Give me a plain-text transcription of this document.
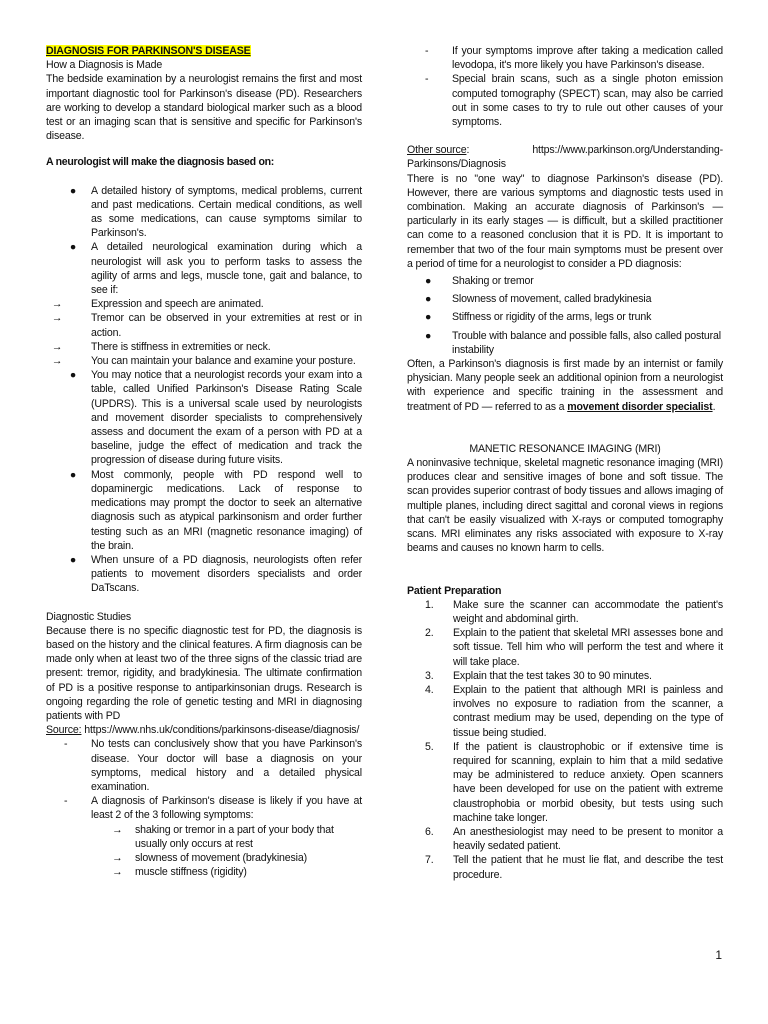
DIAGNOSIS FOR PARKINSON'S DISEASE

How a Diagnosis is Made

The bedside examination by a neurologist remains the first and most important diagnostic tool for Parkinson's disease (PD). Researchers are working to develop a standard biological marker such as a blood test or an imaging scan that is sensitive and specific for Parkinson's disease.

A neurologist will make the diagnosis based on:

●	A detailed history of symptoms, medical problems, current and past medications. Certain medical conditions, as well as some medications, can cause symptoms similar to Parkinson's.
●	A detailed neurological examination during which a neurologist will ask you to perform tasks to assess the agility of arms and legs, muscle tone, gait and balance, to see if:
→	Expression and speech are animated.
→	Tremor can be observed in your extremities at rest or in action.
→	There is stiffness in extremities or neck.
→	You can maintain your balance and examine your posture.
●	You may notice that a neurologist records your exam into a table, called Unified Parkinson's Disease Rating Scale (UPDRS). This is a universal scale used by neurologists and movement disorder specialists to comprehensively assess and document the exam of a person with PD at a baseline, judge the effect of medication and track the progression of disease during future visits.
●	Most commonly, people with PD respond well to dopaminergic medications. Lack of response to medications may prompt the doctor to seek an alternative diagnosis such as atypical parkinsonism and order further testing such as an MRI (magnetic resonance imaging) of the brain.
●	When unsure of a PD diagnosis, neurologists often refer patients to movement disorders specialists and order DaTscans.

Diagnostic Studies

Because there is no specific diagnostic test for PD, the diagnosis is based on the history and the clinical features. A firm diagnosis can be made only when at least two of the three signs of the classic triad are present: tremor, rigidity, and bradykinesia. The ultimate confirmation of PD is a positive response to antiparkinsonian drugs. Research is ongoing regarding the role of genetic testing and MRI in diagnosing patients with PD

Source: https://www.nhs.uk/conditions/parkinsons-disease/diagnosis/

- No tests can conclusively show that you have Parkinson's disease. Your doctor will base a diagnosis on your symptoms, medical history and a detailed physical examination.
- A diagnosis of Parkinson's disease is likely if you have at least 2 of the 3 following symptoms:
→ shaking or tremor in a part of your body that usually only occurs at rest
→ slowness of movement (bradykinesia)
→ muscle stiffness (rigidity)
- If your symptoms improve after taking a medication called levodopa, it's more likely you have Parkinson's disease.
- Special brain scans, such as a single photon emission computed tomography (SPECT) scan, may also be carried out in some cases to try to rule out other causes of your symptoms.

Other source:	https://www.parkinson.org/Understanding-

Parkinsons/Diagnosis

There is no "one way" to diagnose Parkinson's disease (PD). However, there are various symptoms and diagnostic tests used in combination. Making an accurate diagnosis of Parkinson's — particularly in its early stages — is difficult, but a skilled practitioner can come to a reasoned conclusion that it is PD. It is important to remember that two of the four main symptoms must be present over a period of time for a neurologist to consider a PD diagnosis:

● Shaking or tremor
● Slowness of movement, called bradykinesia
● Stiffness or rigidity of the arms, legs or trunk
● Trouble with balance and possible falls, also called postural instability

Often, a Parkinson's diagnosis is first made by an internist or family physician. Many people seek an additional opinion from a neurologist with experience and specific training in the assessment and treatment of PD — referred to as a movement disorder specialist.

MANETIC RESONANCE IMAGING (MRI)

A noninvasive technique, skeletal magnetic resonance imaging (MRI) produces clear and sensitive images of bone and soft tissue. The scan provides superior contrast of body tissues and allows imaging of multiple planes, including direct sagittal and coronal views in regions that can't be easily visualized with X-rays or computed tomography scans. MRI eliminates any risks associated with exposure to X-ray beams and causes no known harm to cells.

Patient Preparation

1. Make sure the scanner can accommodate the patient's weight and abdominal girth.
2. Explain to the patient that skeletal MRI assesses bone and soft tissue. Tell him who will perform the test and where it will take place.
3. Explain that the test takes 30 to 90 minutes.
4. Explain to the patient that although MRI is painless and involves no exposure to radiation from the scanner, a contrast medium may be used, depending on the type of tissue being studied.
5. If the patient is claustrophobic or if extensive time is required for scanning, explain to him that a mild sedative may be administered to reduce anxiety. Open scanners have been developed for use on the patient with extreme claustrophobia or morbid obesity, but tests using such machine take longer.
6. An anesthesiologist may need to be present to monitor a heavily sedated patient.
7. Tell the patient that he must lie flat, and describe the test procedure.
1
